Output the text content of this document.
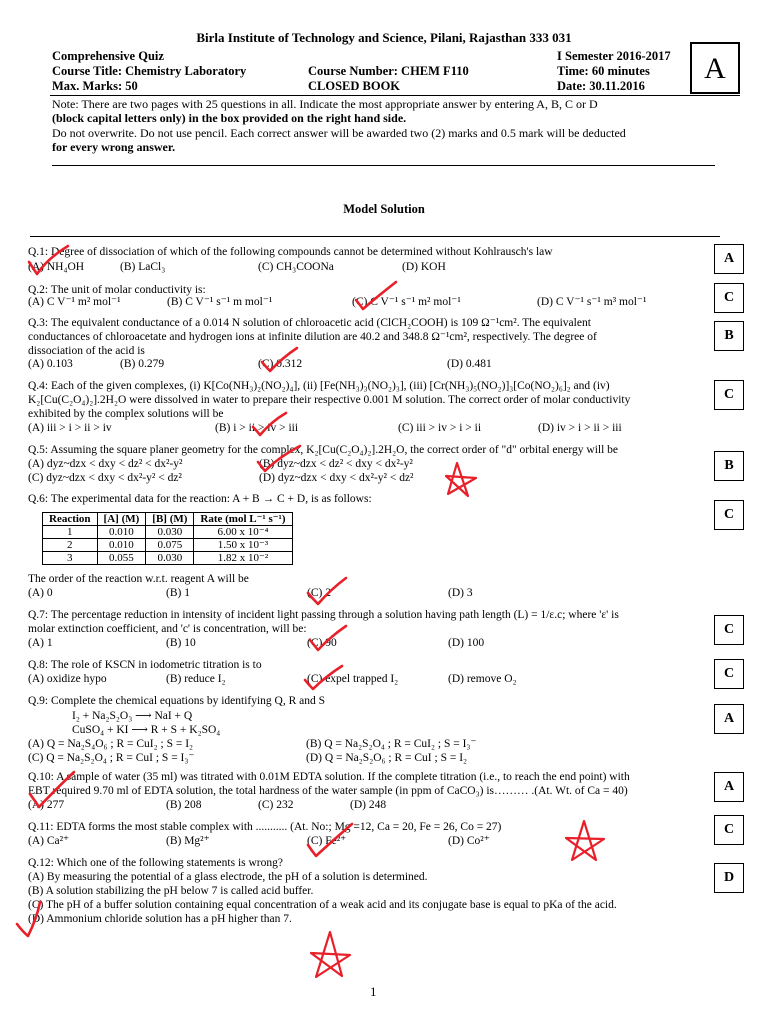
Birla Institute of Technology and Science, Pilani, Rajasthan 333 031
Comprehensive Quiz	I Semester 2016-2017
Course Title: Chemistry Laboratory	Course Number: CHEM F110	Time: 60 minutes
Max. Marks: 50	CLOSED BOOK	Date: 30.11.2016
A
Note: There are two pages with 25 questions in all. Indicate the most appropriate answer by entering A, B, C or D
(block capital letters only) in the box provided on the right hand side.
Do not overwrite. Do not use pencil. Each correct answer will be awarded two (2) marks and 0.5 mark will be deducted
for every wrong answer.
Model Solution
Q.1: Degree of dissociation of which of the following compounds cannot be determined without Kohlrausch's law
(A) NH₄OH	(B) LaCl₃	(C) CH₃COONa	(D) KOH
A
Q.2: The unit of molar conductivity is:
(A) C V⁻¹ m² mol⁻¹	(B) C V⁻¹ s⁻¹ m mol⁻¹	(C) C V⁻¹ s⁻¹ m² mol⁻¹	(D) C V⁻¹ s⁻¹ m³ mol⁻¹	C
Q.3: The equivalent conductance of a 0.014 N solution of chloroacetic acid (ClCH₂COOH) is 109 Ω⁻¹cm². The equivalent
conductances of chloroacetate and hydrogen ions at infinite dilution are 40.2 and 348.8 Ω⁻¹cm², respectively. The degree of
dissociation of the acid is
(A) 0.103	(B) 0.279	(C) 0.312	(D) 0.481
B
Q.4: Each of the given complexes, (i) K[Co(NH₃)₂(NO₂)₄], (ii) [Fe(NH₃)₃(NO₂)₃], (iii) [Cr(NH₃)₅(NO₂)]₃[Co(NO₂)₆]₂ and (iv)
K₂[Cu(C₂O₄)₂].2H₂O were dissolved in water to prepare their respective 0.001 M solution. The correct order of molar conductivity
exhibited by the complex solutions will be
(A) iii > i > ii > iv	(B) i > ii > iv > iii	(C) iii > iv > i > ii	(D) iv > i > ii > iii
C
Q.5: Assuming the square planer geometry for the complex, K₂[Cu(C₂O₄)₂].2H₂O, the correct order of "d" orbital energy will be
(A) dyz~dzx < dxy < dz² < dx²-y²	(B) dyz~dzx < dz² < dxy < dx²-y²
(C) dyz~dzx < dxy < dx²-y² < dz²	(D) dyz~dzx < dxy < dx²-y² < dz²
B
Q.6: The experimental data for the reaction: A + B → C + D, is as follows:
Reaction	[A] (M)	[B] (M)	Rate (mol L⁻¹ s⁻¹)
1	0.010	0.030	6.00 x 10⁻⁴
2	0.010	0.075	1.50 x 10⁻³
3	0.055	0.030	1.82 x 10⁻²
The order of the reaction w.r.t. reagent A will be
(A) 0	(B) 1	(C) 2	(D) 3
C
Q.7: The percentage reduction in intensity of incident light passing through a solution having path length (L) = 1/ε.c; where 'ε' is
molar extinction coefficient, and 'c' is concentration, will be:
(A) 1	(B) 10	(C) 90	(D) 100
C
Q.8: The role of KSCN in iodometric titration is to
(A) oxidize hypo	(B) reduce I₂	(C) expel trapped I₂	(D) remove O₂	C
Q.9: Complete the chemical equations by identifying Q, R and S
I₂ + Na₂S₂O₃ ⟶ NaI + Q
CuSO₄ + KI ⟶ R + S + K₂SO₄
(A) Q = Na₂S₄O₆ ; R = CuI₂ ; S = I₂	(B) Q = Na₂S₂O₄ ; R = CuI₂ ; S = I₃⁻
(C) Q = Na₂S₂O₄ ; R = CuI ; S = I₃⁻	(D) Q = Na₂S₂O₆ ; R = CuI ; S = I₂
A
Q.10: A sample of water (35 ml) was titrated with 0.01M EDTA solution. If the complete titration (i.e., to reach the end point) with
EBT required 9.70 ml of EDTA solution, the total hardness of the water sample (in ppm of CaCO₃) is……… .(At. Wt. of Ca = 40)
(A) 277	(B) 208	(C) 232	(D) 248
A
Q.11: EDTA forms the most stable complex with ........... (At. No:; Mg =12, Ca = 20, Fe = 26, Co = 27)
(A) Ca²⁺	(B) Mg²⁺	(C) Fe²⁺	(D) Co²⁺
C
Q.12: Which one of the following statements is wrong?
(A) By measuring the potential of a glass electrode, the pH of a solution is determined.
(B) A solution stabilizing the pH below 7 is called acid buffer.
(C) The pH of a buffer solution containing equal concentration of a weak acid and its conjugate base is equal to pKa of the acid.
(D) Ammonium chloride solution has a pH higher than 7.
D
1
